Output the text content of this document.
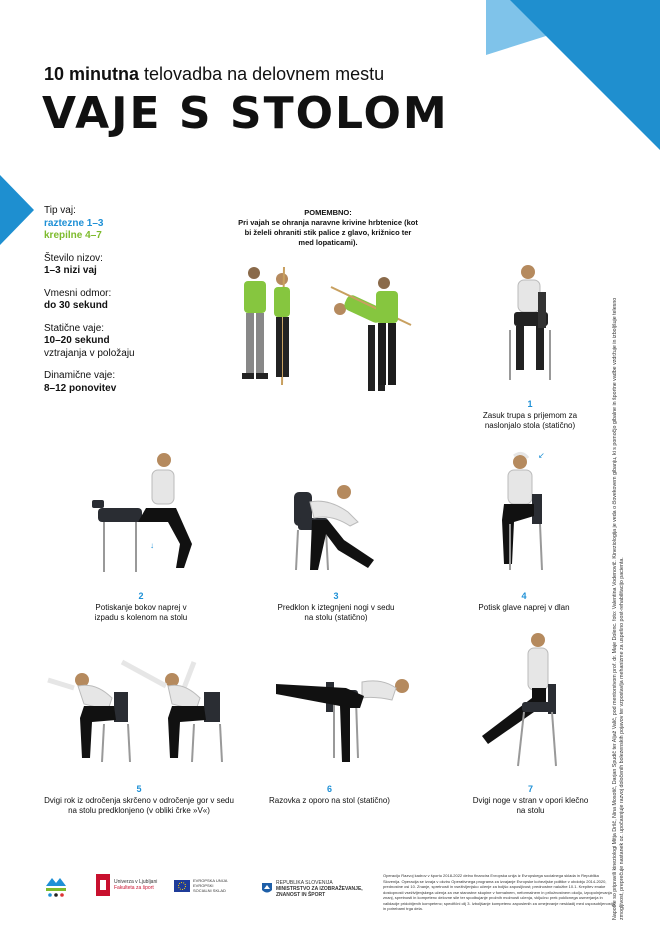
10 minutna telovadba na delovnem mestu
VAJE S STOLOM
Tip vaj:
raztezne 1–3
krepilne 4–7
Število nizov:
1–3 nizi vaj
Vmesni odmor:
do 30 sekund
Statične vaje:
10–20 sekund
vztrajanja v položaju
Dinamične vaje:
8–12 ponovitev
POMEMBNO:
Pri vajah se ohranja naravne krivine hrbtenice (kot bi želeli ohraniti stik palice z glavo, križnico ter med lopaticami).
1
Zasuk trupa s prijemom za naslonjalo stola (statično)
↓
2
Potiskanje bokov naprej v izpadu s kolenom na stolu
3
Predklon k iztegnjeni nogi v sedu na stolu (statično)
↙
4
Potisk glave naprej v dlan
5
Dvigi rok iz odročenja skrčeno v odročenje gor v sedu na stolu predklonjeno (v obliki črke »V«)
6
Razovka z oporo na stol (statično)
7
Dvigi noge v stran v opori klečno na stolu	Napotke so pripravili kineziologi Mitja Dršč, Nina Mosotič, Darjan Spudič ter Aljaž Valič, pod mentorstvom prof. dr. Maje Dolenc. foto: Valentina Vodenovič. Kineziologija je veda o človekovem gibanju, ki s pomočjo gibalne in športne vadbe vzdržuje in izboljšuje telesno zmogljivost, preprečuje nastanek oz. upočasnjuje razvoj določenih bolezenskih pojavov ter vzpostavlja mehanizme za uspešno post-rehabilitacijo pacienta.
Univerza v Ljubljani
Fakulteta za šport
EVROPSKA UNIJA
EVROPSKI
SOCIALNI SKLAD
REPUBLIKA SLOVENIJA
MINISTRSTVO ZA IZOBRAŽEVANJE,
ZNANOST IN ŠPORT
Operacijo Razvoj kadrov v športu 2018-2022 delno financira Evropska unija iz Evropskega socialnega sklada in Republika Slovenija. Operacija se izvaja v okviru Operativnega programa za izvajanje Evropske kohezijske politike v obdobju 2014-2020, prednostne osi 10. Znanje, spretnosti in vseživljenjsko učenje za boljšo zaposljivost; prednostne naložbe 10.1. Krepitev enake dostopnosti vseživljenjskega učenja za vse starostne skupine v formalnem, neformalnem in priložnostnem okolju, izpopolnjevanja znanj, spretnosti in kompetenc delovne sile ter spodbujanje prožnih možnosti učenja, vključno prek poklicnega usmerjanja in validacije pridobljenih kompetenc; specifični cilj 3. Izboljšanje kompetenc zaposlenih za omejevanje neskladij med usposobljenostjo in potrebami trga dela.
